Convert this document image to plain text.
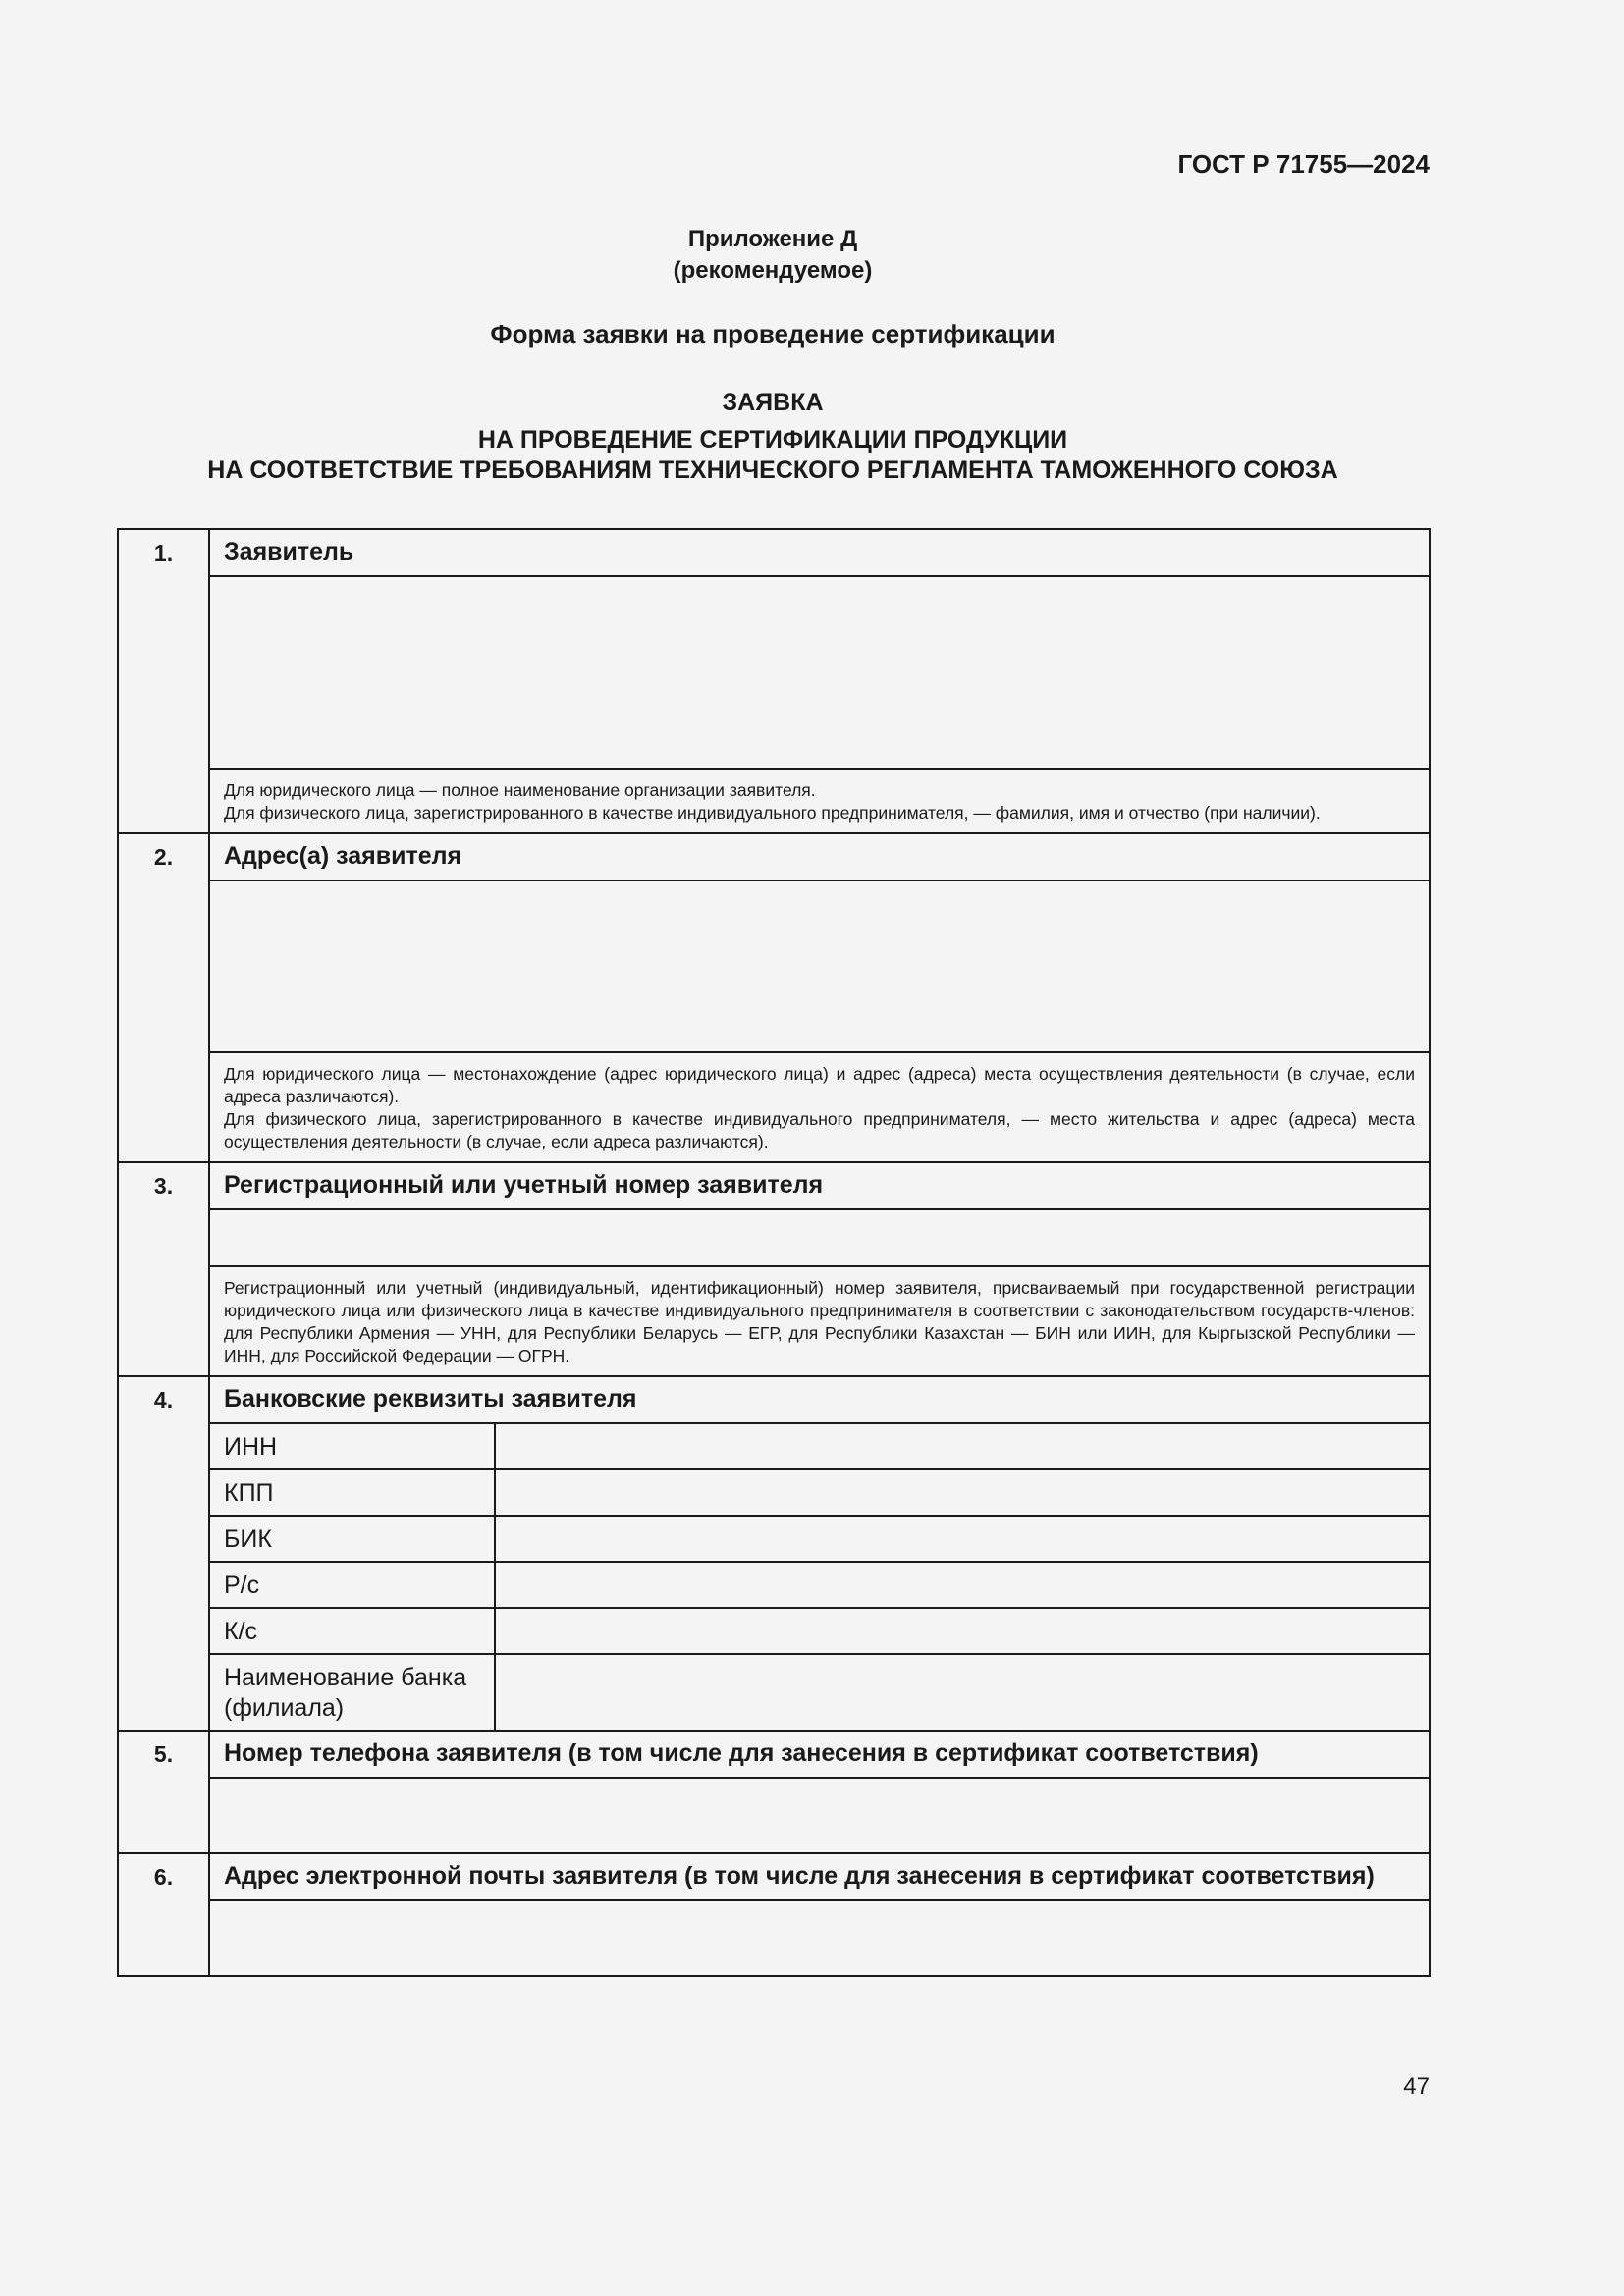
ГОСТ Р 71755—2024
Приложение Д
(рекомендуемое)
Форма заявки на проведение сертификации
ЗАЯВКА
НА ПРОВЕДЕНИЕ СЕРТИФИКАЦИИ ПРОДУКЦИИ
НА СООТВЕТСТВИЕ ТРЕБОВАНИЯМ ТЕХНИЧЕСКОГО РЕГЛАМЕНТА ТАМОЖЕННОГО СОЮЗА
1.	Заявитель	

	Для юридического лица — полное наименование организации заявителя.
Для физического лица, зарегистрированного в качестве индивидуального предпринимателя, — фамилия, имя и отчество (при наличии).	

2.	Адрес(а) заявителя	

	Для юридического лица — местонахождение (адрес юридического лица) и адрес (адреса) места осуществления деятельности (в случае, если адреса различаются).
Для физического лица, зарегистрированного в качестве индивидуального предпринимателя, — место жительства и адрес (адреса) места осуществления деятельности (в случае, если адреса различаются).	

3.	Регистрационный или учетный номер заявителя	

	Регистрационный или учетный (индивидуальный, идентификационный) номер заявителя, присваиваемый при государственной регистрации юридического лица или физического лица в качестве индивидуального предпринимателя в соответствии с законодательством государств-членов: для Республики Армения — УНН, для Республики Беларусь — ЕГР, для Республики Казахстан — БИН или ИИН, для Кыргызской Республики — ИНН, для Российской Федерации — ОГРН.	

4.	Банковские реквизиты заявителя	
	ИНН	
	КПП	
	БИК	
	Р/с	
	К/с	
	Наименование банка (филиала)	
5.	Номер телефона заявителя (в том числе для занесения в сертификат соответствия)	

6.	Адрес электронной почты заявителя (в том числе для занесения в сертификат соответствия)	

47
